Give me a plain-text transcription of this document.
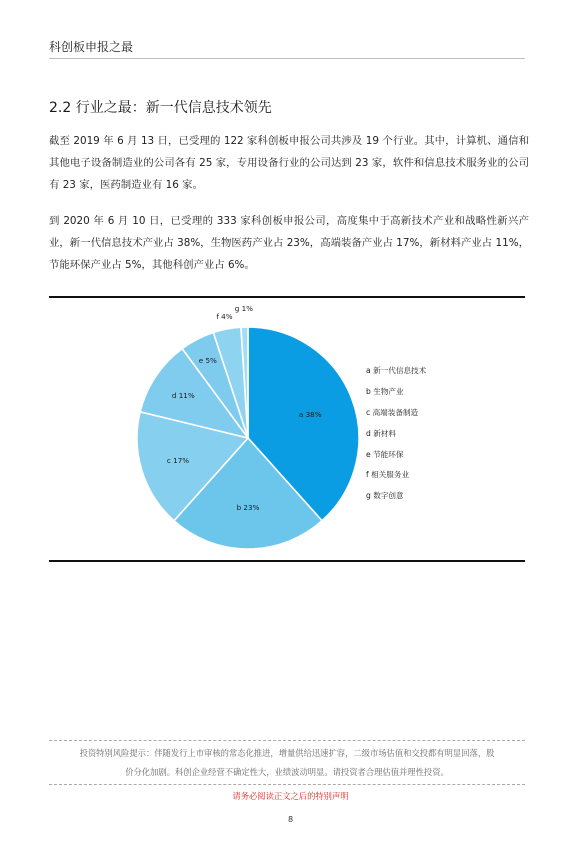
科创板申报之最
2.2 行业之最：新一代信息技术领先

截至 2019 年 6 月 13 日，已受理的 122 家科创板申报公司共涉及 19 个行业。其中，计算机、通信和其他电子设备制造业的公司各有 25 家，专用设备行业的公司达到 23 家，软件和信息技术服务业的公司有 23 家，医药制造业有 16 家。

到 2020 年 6 月 10 日，已受理的 333 家科创板申报公司，高度集中于高新技术产业和战略性新兴产业，新一代信息技术产业占 38%，生物医药产业占 23%，高端装备产业占 17%，新材料产业占 11%，节能环保产业占 5%，其他科创产业占 6%。

a 38%
b 23%
c 17%
d 11%
e 5%
f 4%
g 1%
a 新一代信息技术
b 生物产业
c 高端装备制造
d 新材料
e 节能环保
f 相关服务业
g 数字创意
投资特别风险提示：伴随发行上市审核的常态化推进，增量供给迅速扩容，二级市场估值和交投都有明显回落，股
价分化加剧。科创企业经营不确定性大，业绩波动明显。请投资者合理估值并理性投资。
请务必阅读正文之后的特别声明
8
